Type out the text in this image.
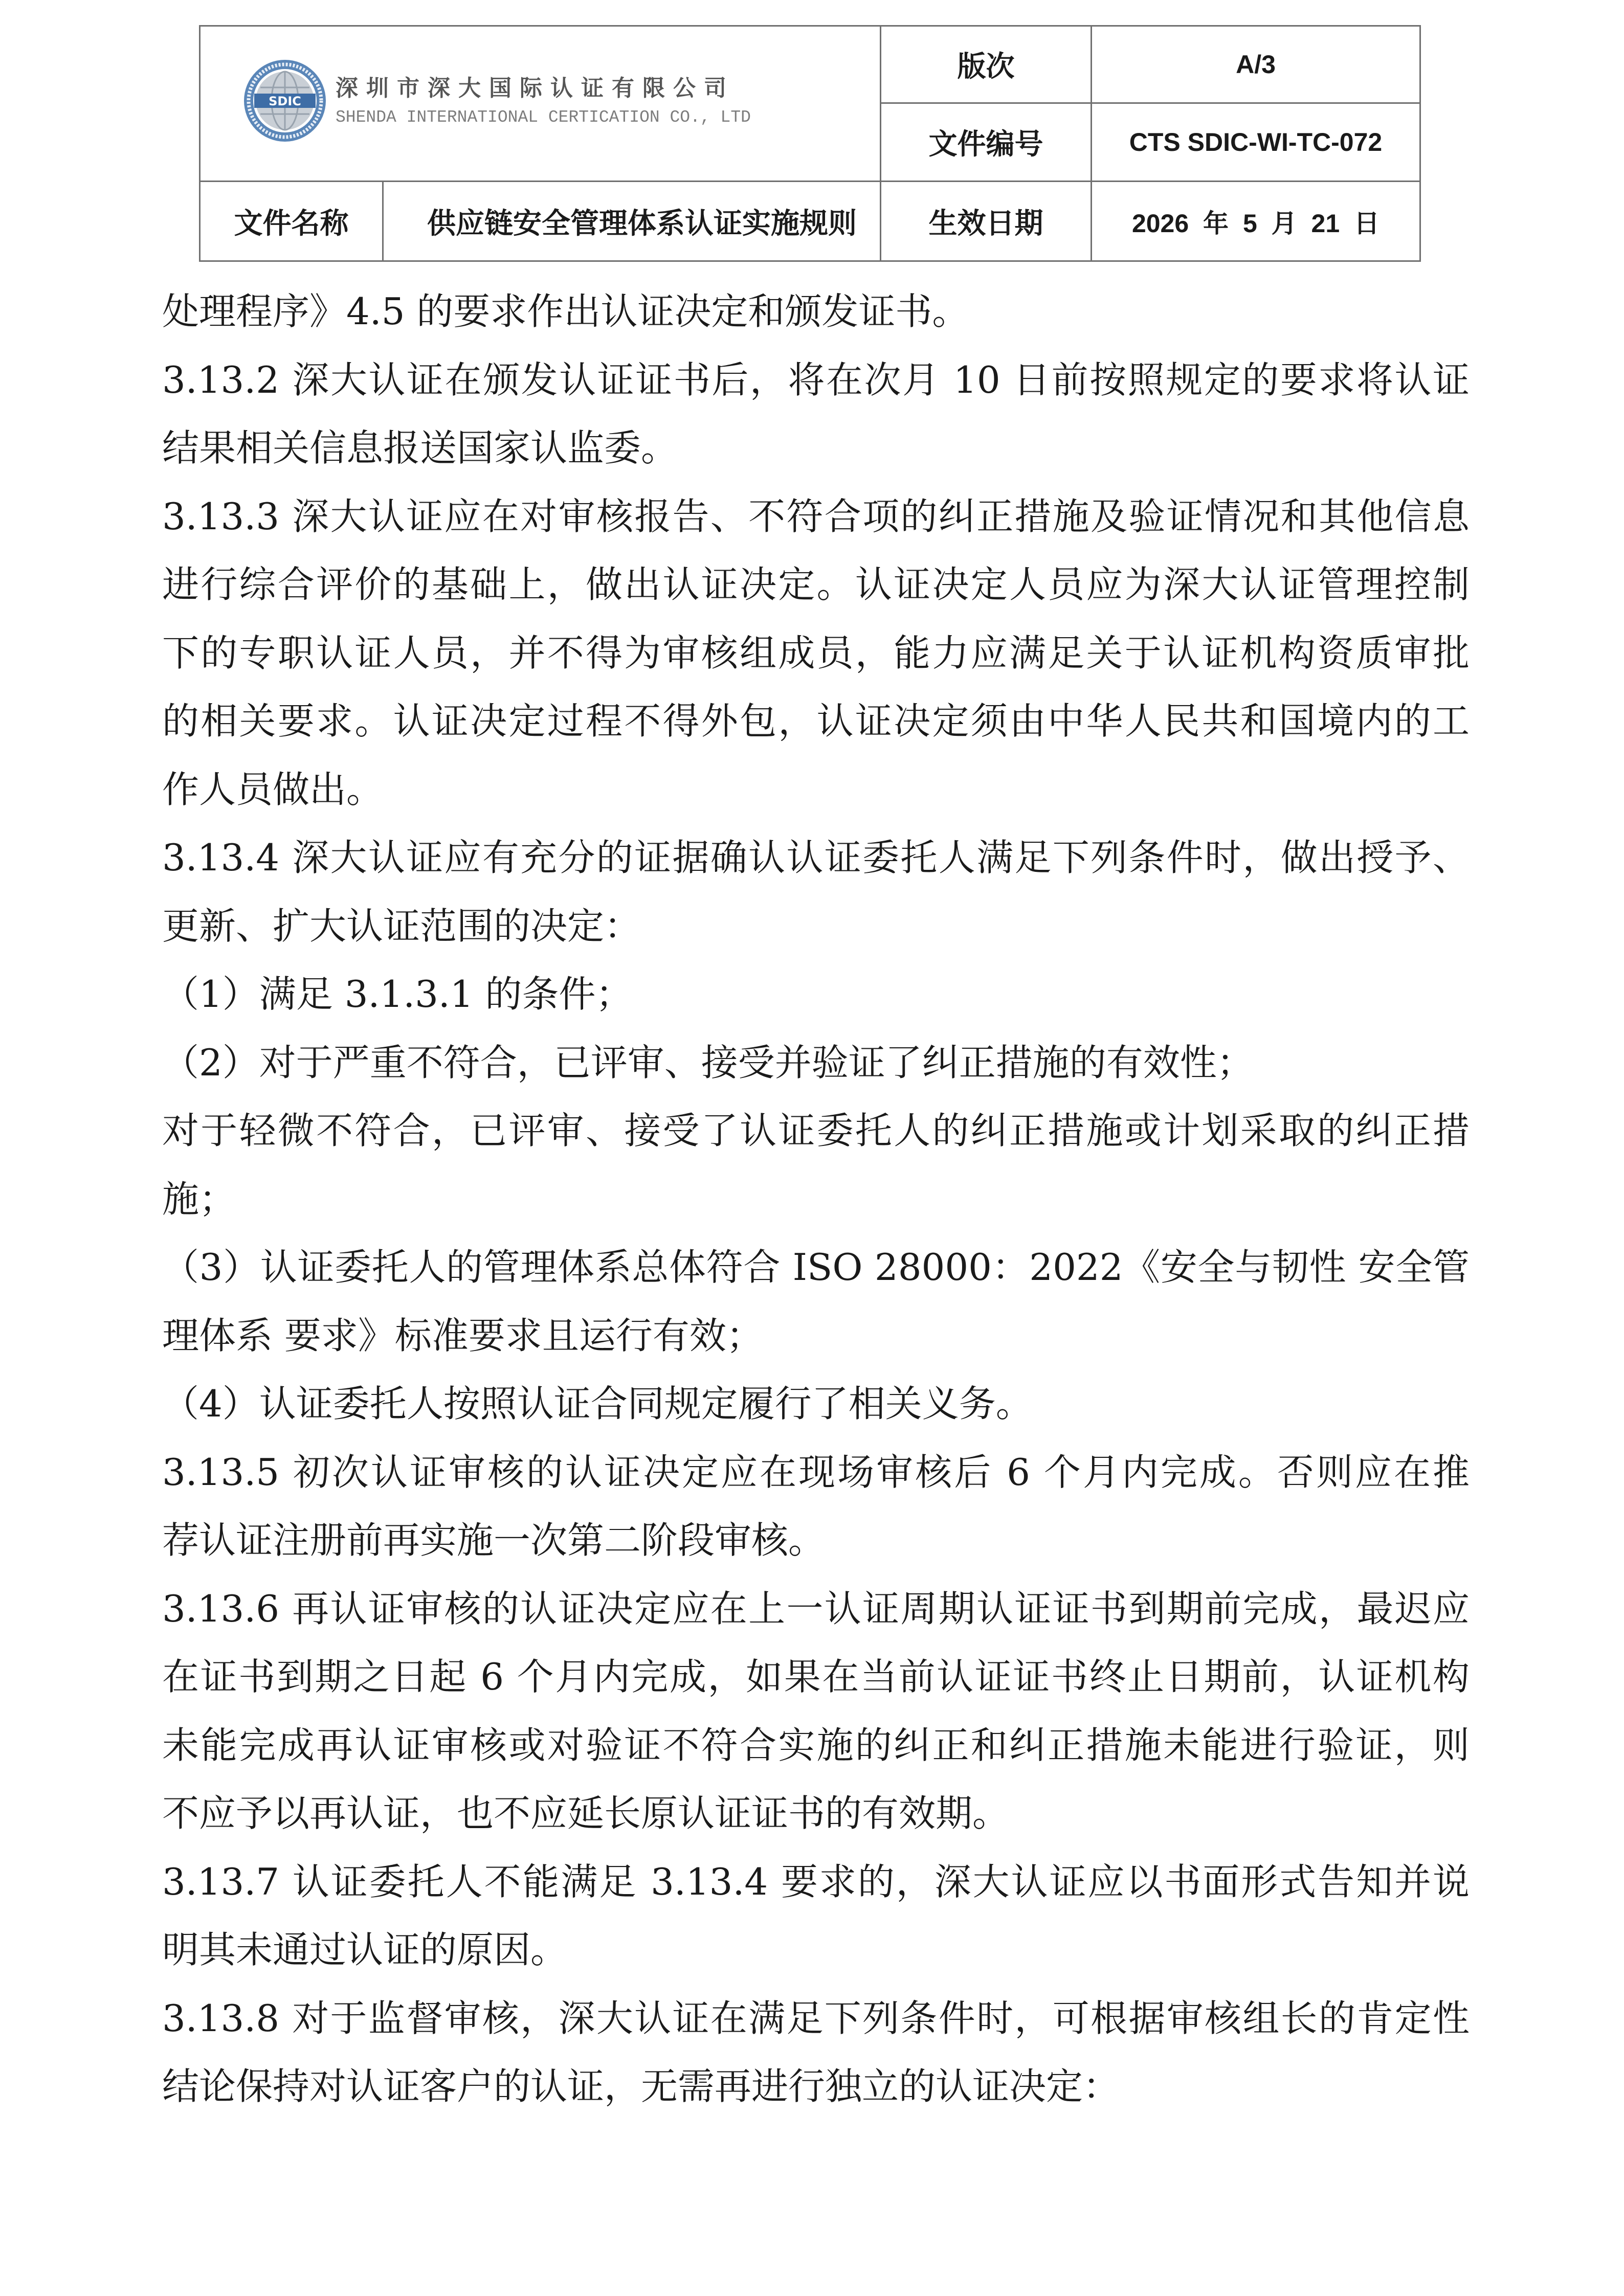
SDIC 深圳市深大国际认证有限公司
SHENDA INTERNATIONAL CERTICATION CO., LTD
版次	A/3
文件编号	CTS SDIC-WI-TC-072
文件名称	供应链安全管理体系认证实施规则	生效日期	2026 年 5 月 21 日
处理程序》4.5 的要求作出认证决定和颁发证书。
3.13.2 深大认证在颁发认证证书后，将在次月 10 日前按照规定的要求将认证
结果相关信息报送国家认监委。
3.13.3 深大认证应在对审核报告、不符合项的纠正措施及验证情况和其他信息
进行综合评价的基础上，做出认证决定。认证决定人员应为深大认证管理控制
下的专职认证人员，并不得为审核组成员，能力应满足关于认证机构资质审批
的相关要求。认证决定过程不得外包，认证决定须由中华人民共和国境内的工
作人员做出。
3.13.4 深大认证应有充分的证据确认认证委托人满足下列条件时，做出授予、
更新、扩大认证范围的决定：
（1）满足 3.1.3.1 的条件；
（2）对于严重不符合，已评审、接受并验证了纠正措施的有效性；
对于轻微不符合，已评审、接受了认证委托人的纠正措施或计划采取的纠正措
施；
（3）认证委托人的管理体系总体符合 ISO 28000：2022《安全与韧性 安全管
理体系 要求》标准要求且运行有效；
（4）认证委托人按照认证合同规定履行了相关义务。
3.13.5 初次认证审核的认证决定应在现场审核后 6 个月内完成。否则应在推
荐认证注册前再实施一次第二阶段审核。
3.13.6 再认证审核的认证决定应在上一认证周期认证证书到期前完成，最迟应
在证书到期之日起 6 个月内完成，如果在当前认证证书终止日期前，认证机构
未能完成再认证审核或对验证不符合实施的纠正和纠正措施未能进行验证，则
不应予以再认证，也不应延长原认证证书的有效期。
3.13.7 认证委托人不能满足 3.13.4 要求的，深大认证应以书面形式告知并说
明其未通过认证的原因。
3.13.8 对于监督审核，深大认证在满足下列条件时，可根据审核组长的肯定性
结论保持对认证客户的认证，无需再进行独立的认证决定：
